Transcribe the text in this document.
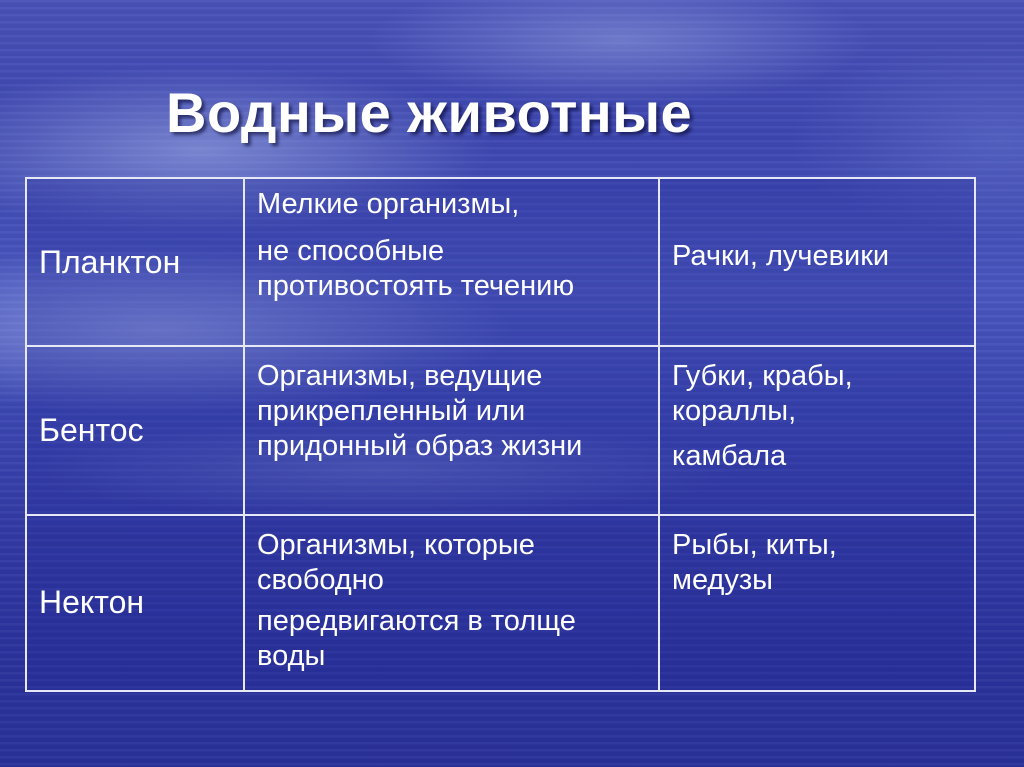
Водные животные
Планктон	Мелкие организмы,
не способные
противостоять течению	Рачки, лучевики

Бентос	Организмы, ведущие
прикрепленный или
придонный образ жизни	Губки, крабы,
кораллы,
камбала

Нектон	Организмы, которые
свободно
передвигаются в толще
воды	Рыбы, киты,
медузы
